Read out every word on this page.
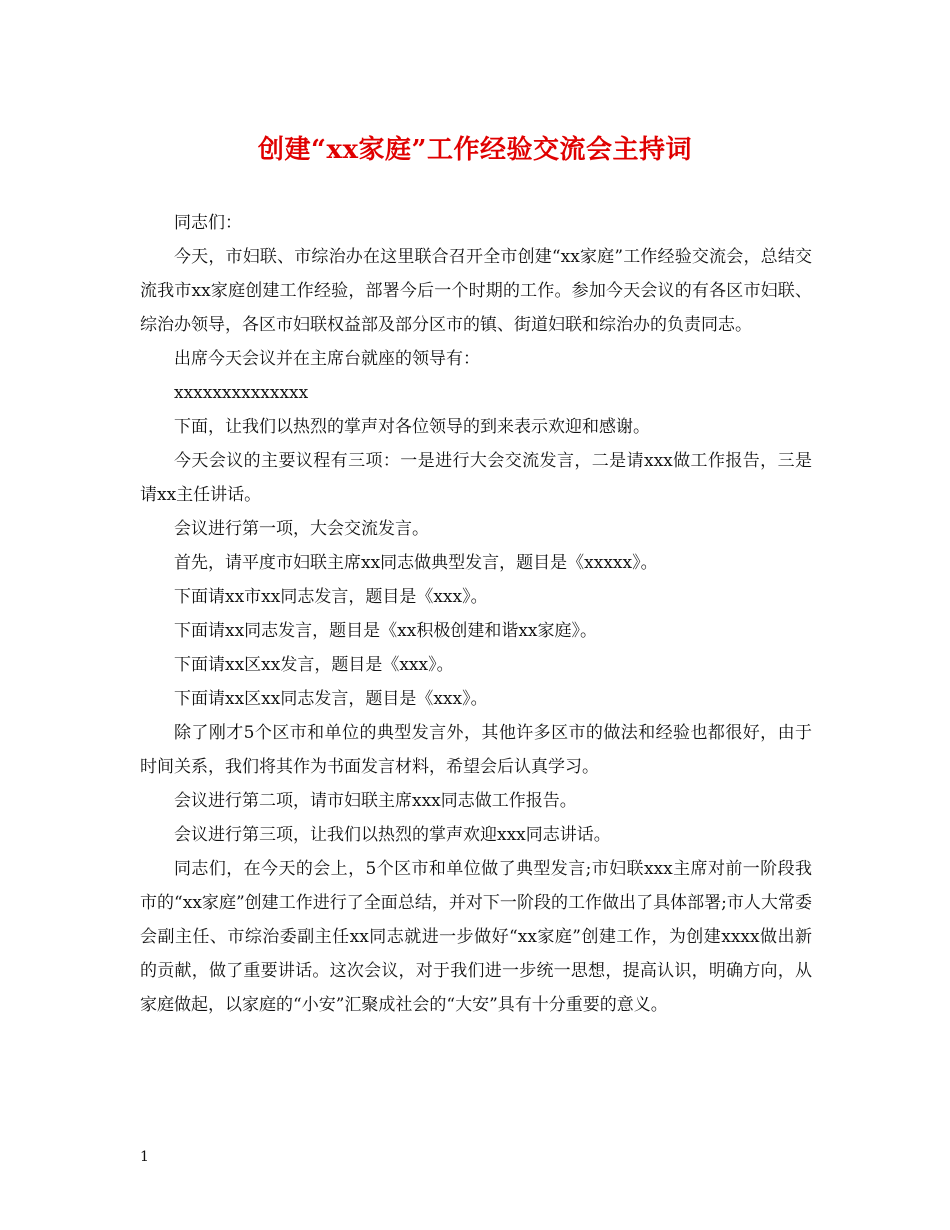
创建“xx家庭”工作经验交流会主持词

同志们：

今天，市妇联、市综治办在这里联合召开全市创建“xx家庭”工作经验交流会，总结交流我市xx家庭创建工作经验，部署今后一个时期的工作。参加今天会议的有各区市妇联、综治办领导，各区市妇联权益部及部分区市的镇、街道妇联和综治办的负责同志。

出席今天会议并在主席台就座的领导有：

xxxxxxxxxxxxxx

下面，让我们以热烈的掌声对各位领导的到来表示欢迎和感谢。

今天会议的主要议程有三项：一是进行大会交流发言，二是请xxx做工作报告，三是请xx主任讲话。

会议进行第一项，大会交流发言。

首先，请平度市妇联主席xx同志做典型发言，题目是《xxxxx》。

下面请xx市xx同志发言，题目是《xxx》。

下面请xx同志发言，题目是《xx积极创建和谐xx家庭》。

下面请xx区xx发言，题目是《xxx》。

下面请xx区xx同志发言，题目是《xxx》。

除了刚才5个区市和单位的典型发言外，其他许多区市的做法和经验也都很好，由于时间关系，我们将其作为书面发言材料，希望会后认真学习。

会议进行第二项，请市妇联主席xxx同志做工作报告。

会议进行第三项，让我们以热烈的掌声欢迎xxx同志讲话。

同志们，在今天的会上，5个区市和单位做了典型发言;市妇联xxx主席对前一阶段我市的“xx家庭”创建工作进行了全面总结，并对下一阶段的工作做出了具体部署;市人大常委会副主任、市综治委副主任xx同志就进一步做好“xx家庭”创建工作，为创建xxxx做出新的贡献，做了重要讲话。这次会议，对于我们进一步统一思想，提高认识，明确方向，从家庭做起，以家庭的“小安”汇聚成社会的“大安”具有十分重要的意义。

1
